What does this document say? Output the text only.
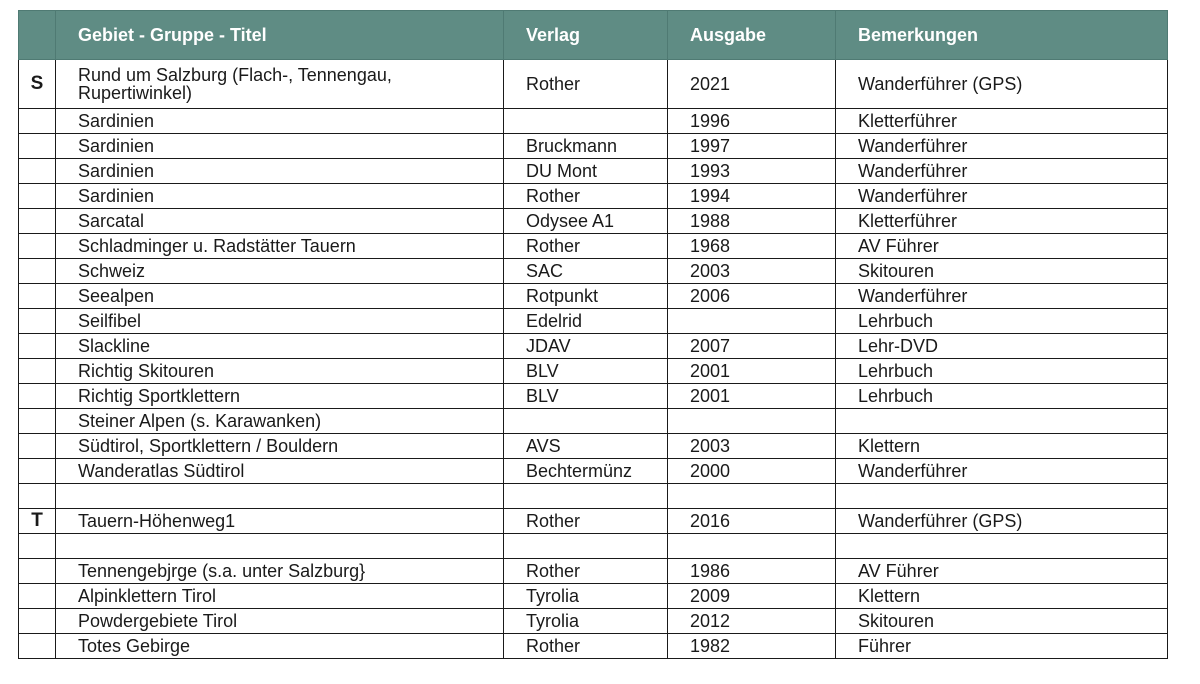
	Gebiet - Gruppe - Titel	Verlag	Ausgabe	Bemerkungen
S	Rund um Salzburg (Flach-, Tennengau, Rupertiwinkel)	Rother	2021	Wanderführer (GPS)
	Sardinien		1996	Kletterführer
	Sardinien	Bruckmann	1997	Wanderführer
	Sardinien	DU Mont	1993	Wanderführer
	Sardinien	Rother	1994	Wanderführer
	Sarcatal	Odysee A1	1988	Kletterführer
	Schladminger u. Radstätter Tauern	Rother	1968	AV Führer
	Schweiz	SAC	2003	Skitouren
	Seealpen	Rotpunkt	2006	Wanderführer
	Seilfibel	Edelrid		Lehrbuch
	Slackline	JDAV	2007	Lehr-DVD
	Richtig Skitouren	BLV	2001	Lehrbuch
	Richtig Sportklettern	BLV	2001	Lehrbuch
	Steiner Alpen (s. Karawanken)			
	Südtirol, Sportklettern / Bouldern	AVS	2003	Klettern
	Wanderatlas Südtirol	Bechtermünz	2000	Wanderführer

T	Tauern-Höhenweg1	Rother	2016	Wanderführer (GPS)

	Tennengebjrge (s.a. unter Salzburg}	Rother	1986	AV Führer
	Alpinklettern Tirol	Tyrolia	2009	Klettern
	Powdergebiete Tirol	Tyrolia	2012	Skitouren
	Totes Gebirge	Rother	1982	Führer
